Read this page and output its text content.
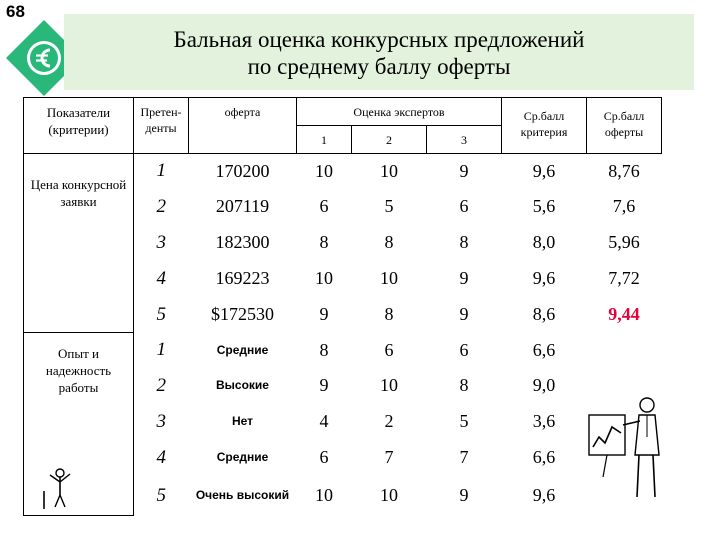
68
Бальная оценка конкурсных предложений
по среднему баллу оферты
Показатели (критерии)	Претен-денты	оферта	Оценка экспертов			Ср.балл критерия	Ср.балл оферты
			1	2	3		
Цена конкурсной заявки	1	170200	10	10	9	9,6	8,76
	2	207119	6	5	6	5,6	7,6
	3	182300	8	8	8	8,0	5,96
	4	169223	10	10	9	9,6	7,72
	5	$172530	9	8	9	8,6	9,44

Опыт и надежность работы	1	Средние	8	6	6	6,6	

	2	Высокие	9	10	8	9,0	
	3	Нет	4	2	5	3,6	
	4	Средние	6	7	7	6,6	
	5	Очень высокий	10	10	9	9,6	
